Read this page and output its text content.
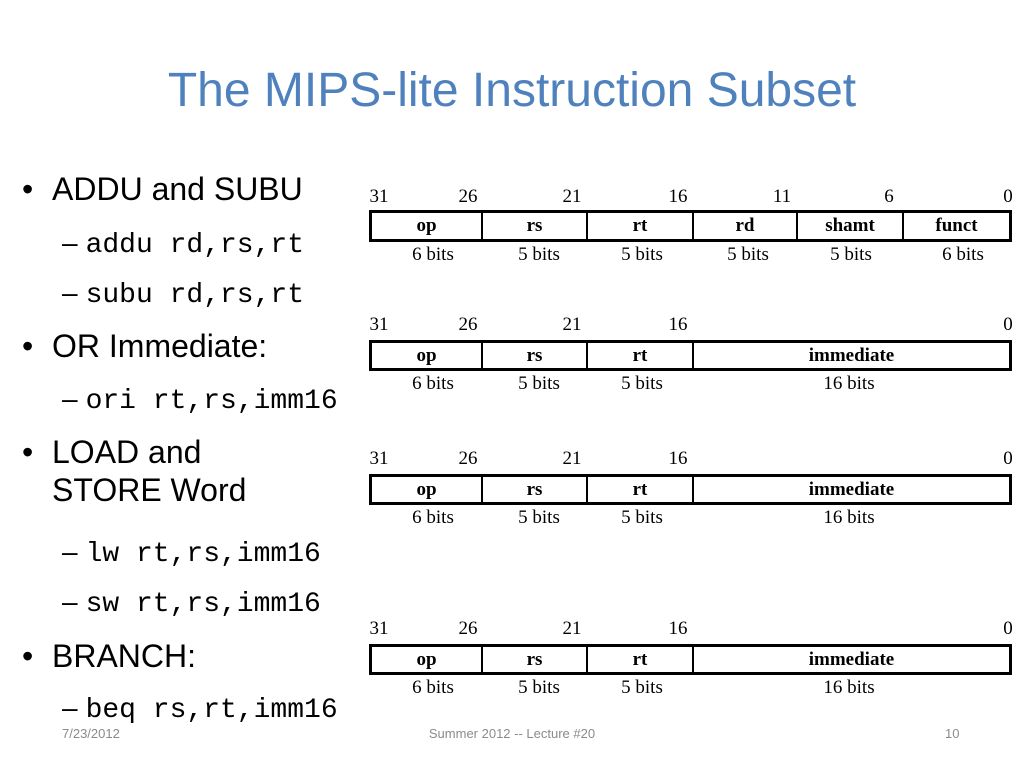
The MIPS-lite Instruction Subset
• ADDU and SUBU
– addu rd,rs,rt
– subu rd,rs,rt
• OR Immediate:
– ori rt,rs,imm16
• LOAD and
STORE Word
– lw rt,rs,imm16
– sw rt,rs,imm16
• BRANCH:
– beq rs,rt,imm16
31	26	21	16	11	6	0
op	rs	rt	rd	shamt	funct
6 bits	5 bits	5 bits	5 bits	5 bits	6 bits
31	26	21	16	0
op	rs	rt	immediate
6 bits	5 bits	5 bits	16 bits
31	26	21	16	0
op	rs	rt	immediate
6 bits	5 bits	5 bits	16 bits
31	26	21	16	0
op	rs	rt	immediate
6 bits	5 bits	5 bits	16 bits
7/23/2012	Summer 2012 -- Lecture #20	10
